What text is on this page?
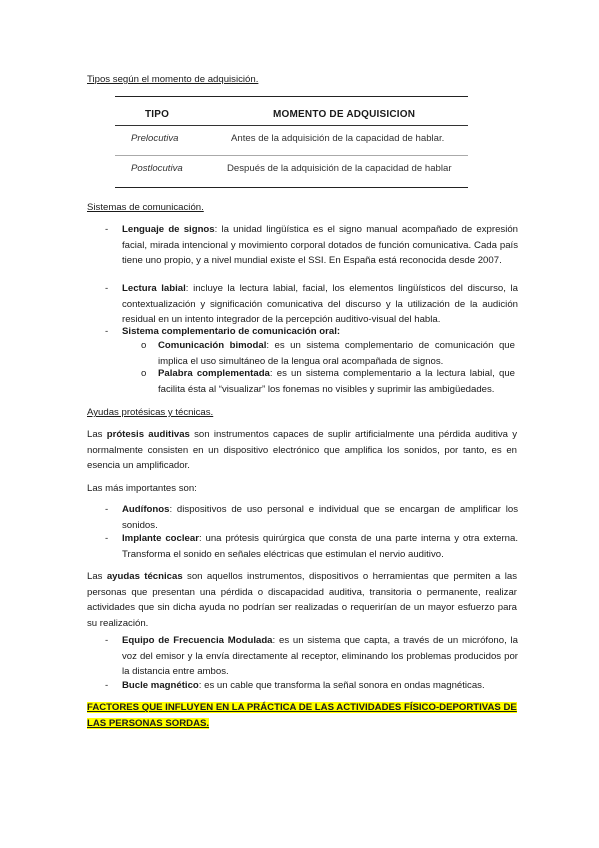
Tipos según el momento de adquisición.
TIPO	MOMENTO DE ADQUISICION
Prelocutiva	Antes de la adquisición de la capacidad de hablar.
Postlocutiva	Después de la adquisición de la capacidad de hablar
Sistemas de comunicación.
- Lenguaje de signos: la unidad lingüística es el signo manual acompañado de expresión facial, mirada intencional y movimiento corporal dotados de función comunicativa. Cada país tiene uno propio, y a nivel mundial existe el SSI. En España está reconocida desde 2007.
- Lectura labial: incluye la lectura labial, facial, los elementos lingüísticos del discurso, la contextualización y significación comunicativa del discurso y la utilización de la audición residual en un intento integrador de la percepción auditivo-visual del habla.
- Sistema complementario de comunicación oral:
o Comunicación bimodal: es un sistema complementario de comunicación que implica el uso simultáneo de la lengua oral acompañada de signos.
o Palabra complementada: es un sistema complementario a la lectura labial, que facilita ésta al “visualizar” los fonemas no visibles y suprimir las ambigüedades.
Ayudas protésicas y técnicas.
Las prótesis auditivas son instrumentos capaces de suplir artificialmente una pérdida auditiva y normalmente consisten en un dispositivo electrónico que amplifica los sonidos, por tanto, es en esencia un amplificador.
Las más importantes son:
- Audífonos: dispositivos de uso personal e individual que se encargan de amplificar los sonidos.
- Implante coclear: una prótesis quirúrgica que consta de una parte interna y otra externa. Transforma el sonido en señales eléctricas que estimulan el nervio auditivo.
Las ayudas técnicas son aquellos instrumentos, dispositivos o herramientas que permiten a las personas que presentan una pérdida o discapacidad auditiva, transitoria o permanente, realizar actividades que sin dicha ayuda no podrían ser realizadas o requerirían de un mayor esfuerzo para su realización.
- Equipo de Frecuencia Modulada: es un sistema que capta, a través de un micrófono, la voz del emisor y la envía directamente al receptor, eliminando los problemas producidos por la distancia entre ambos.
- Bucle magnético: es un cable que transforma la señal sonora en ondas magnéticas.
FACTORES QUE INFLUYEN EN LA PRÁCTICA DE LAS ACTIVIDADES FÍSICO-DEPORTIVAS DE LAS PERSONAS SORDAS.
